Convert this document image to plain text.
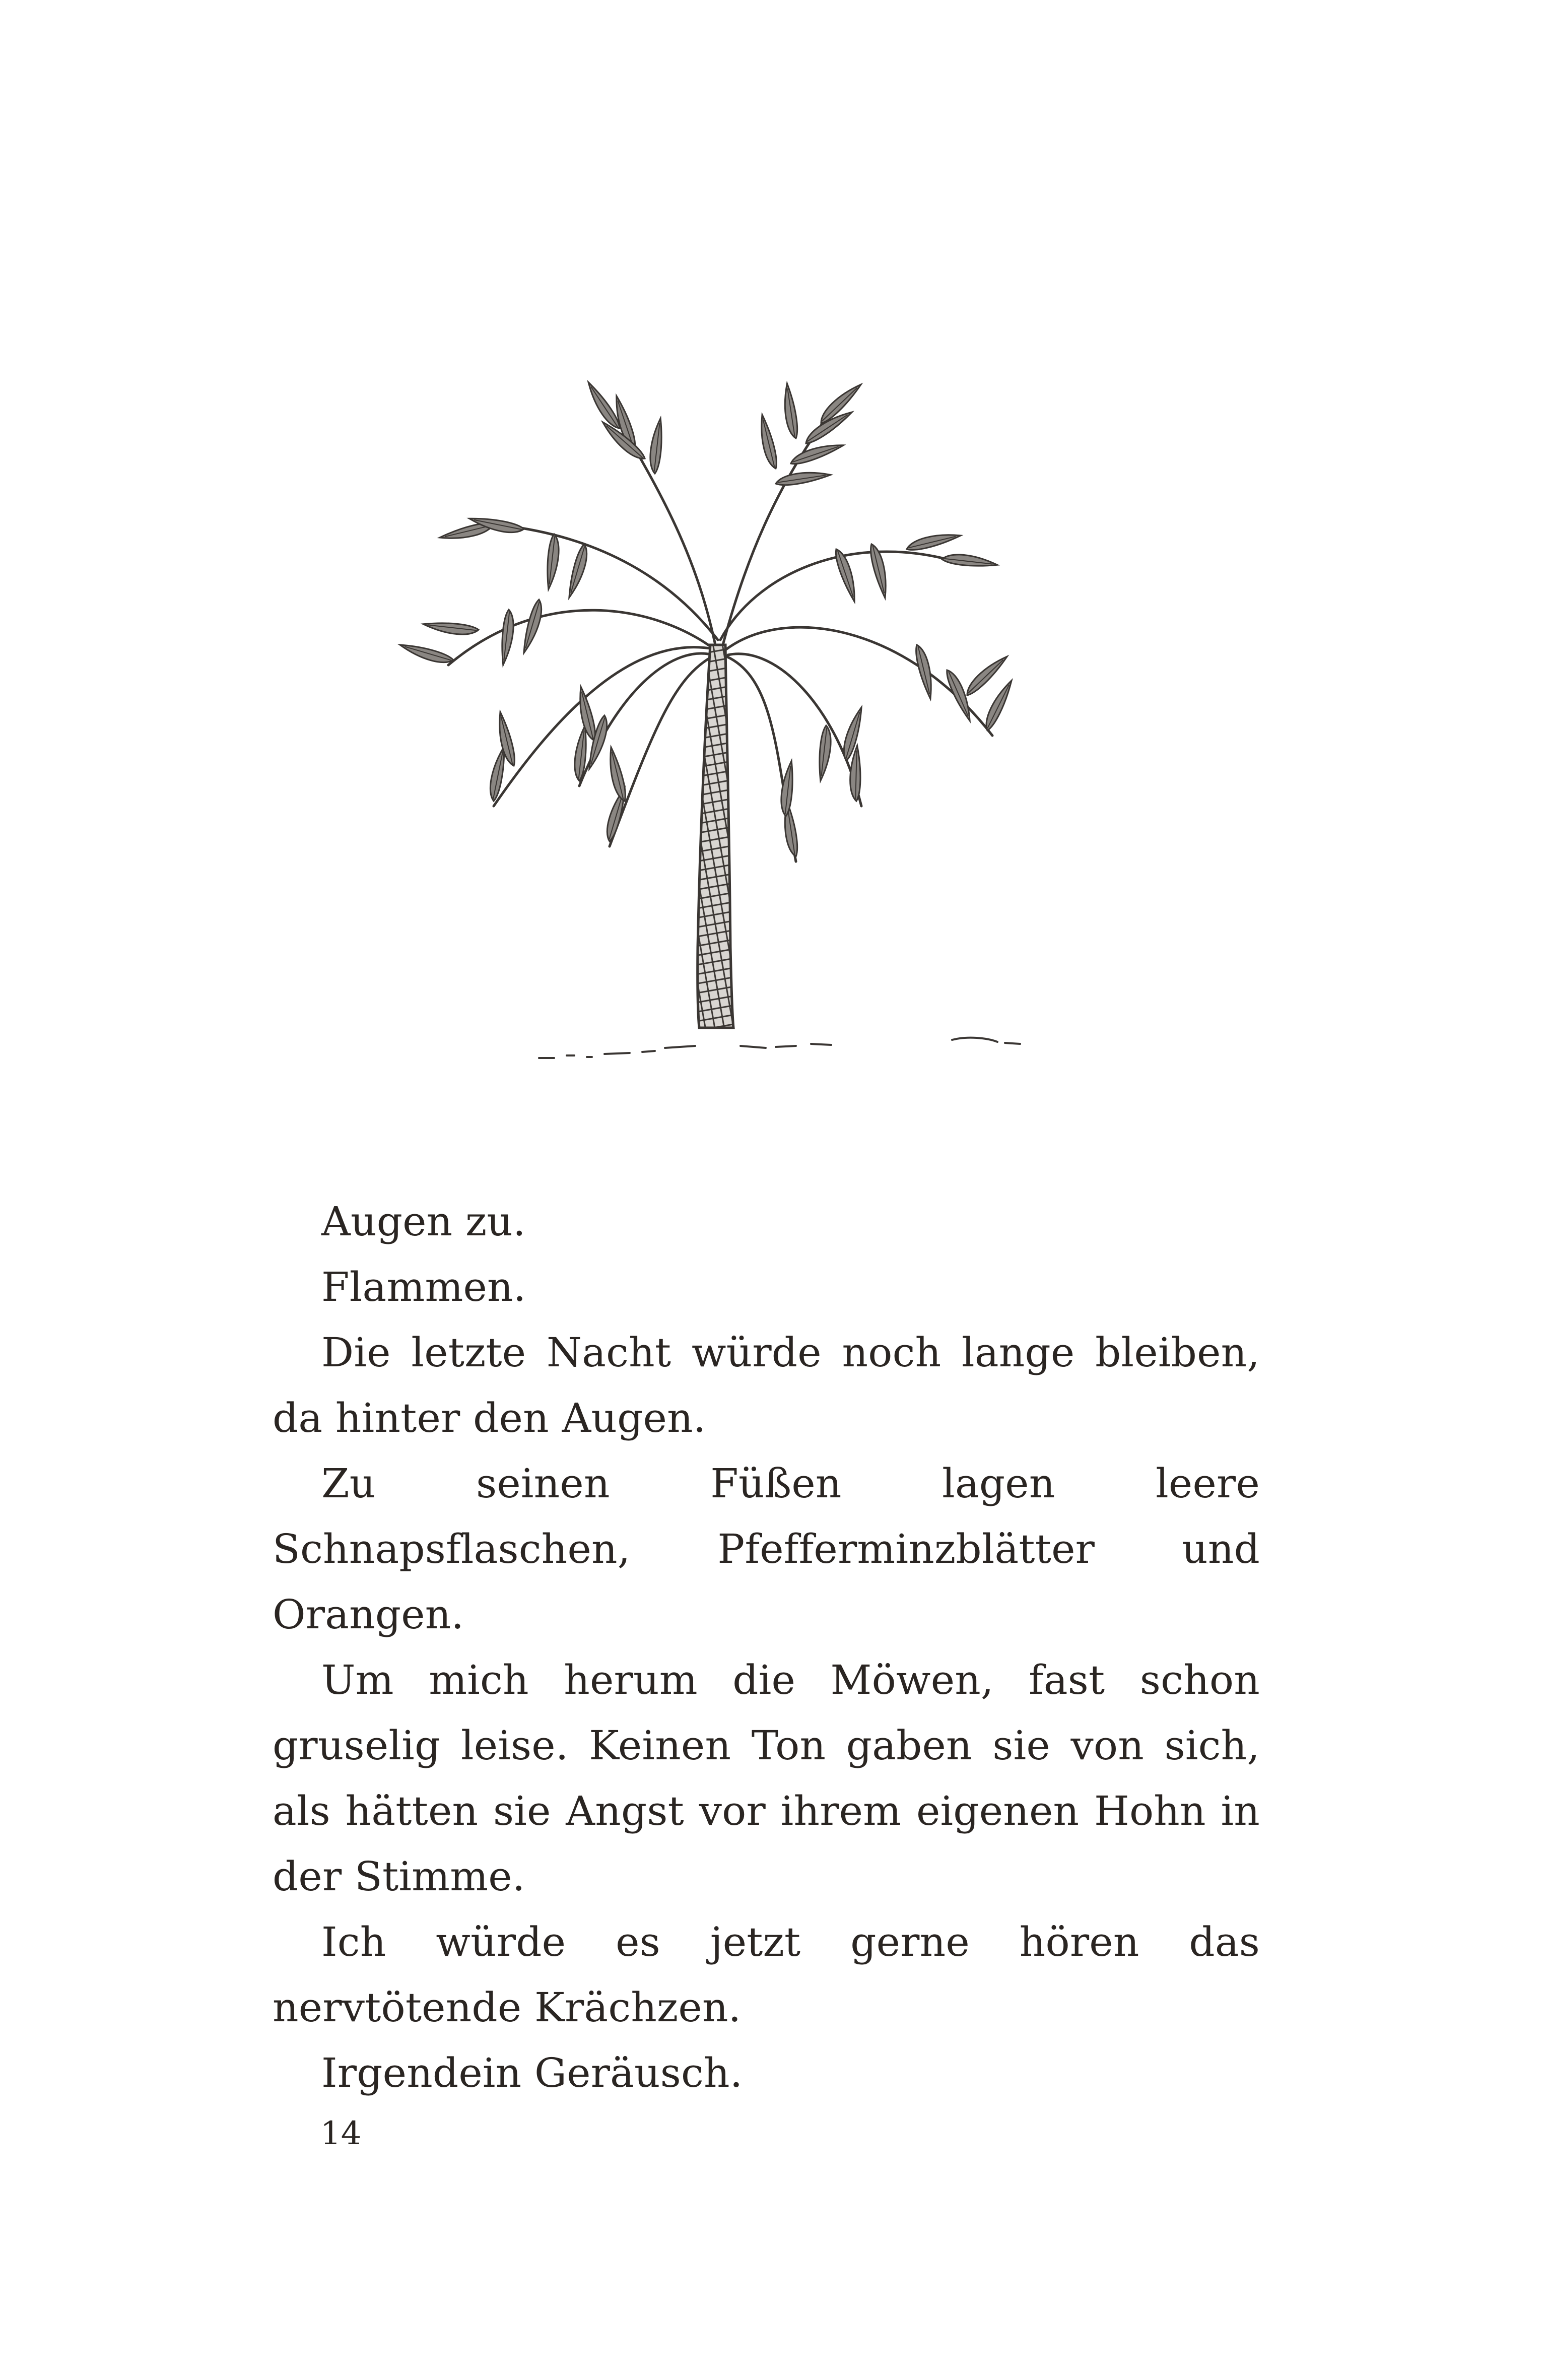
Augen zu.

Flammen.

Die letzte Nacht würde noch lange bleiben, da hinter den Augen.

Zu seinen Füßen lagen leere Schnapsflaschen, Pfefferminzblätter und Orangen.

Um mich herum die Möwen, fast schon gruselig leise. Keinen Ton gaben sie von sich, als hätten sie Angst vor ihrem eigenen Hohn in der Stimme.

Ich würde es jetzt gerne hören das nervtötende Krächzen.

Irgendein Geräusch.

14
